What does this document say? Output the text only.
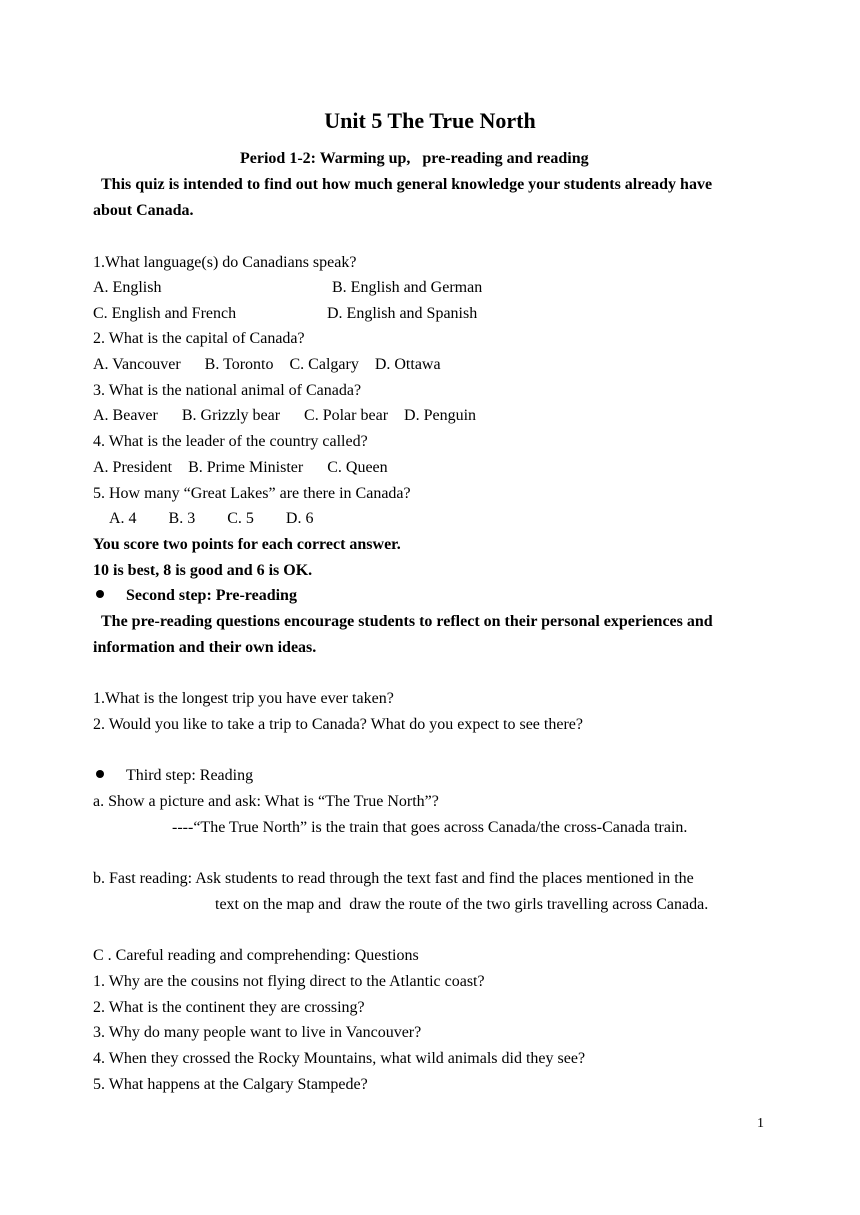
Unit 5 The True North
Period 1-2: Warming up,   pre-reading and reading
This quiz is intended to find out how much general knowledge your students already have
about Canada.
1.What language(s) do Canadians speak?
A. English	B. English and German
C. English and French	D. English and Spanish
2. What is the capital of Canada?
A. Vancouver      B. Toronto    C. Calgary    D. Ottawa
3. What is the national animal of Canada?
A. Beaver      B. Grizzly bear      C. Polar bear    D. Penguin
4. What is the leader of the country called?
A. President    B. Prime Minister      C. Queen
5. How many “Great Lakes” are there in Canada?
A. 4        B. 3        C. 5        D. 6
You score two points for each correct answer.
10 is best, 8 is good and 6 is OK.
Second step: Pre-reading
The pre-reading questions encourage students to reflect on their personal experiences and
information and their own ideas.
1.What is the longest trip you have ever taken?
2. Would you like to take a trip to Canada? What do you expect to see there?
Third step: Reading
a. Show a picture and ask: What is “The True North”?
----“The True North” is the train that goes across Canada/the cross-Canada train.
b. Fast reading: Ask students to read through the text fast and find the places mentioned in the
text on the map and  draw the route of the two girls travelling across Canada.
C . Careful reading and comprehending: Questions
1. Why are the cousins not flying direct to the Atlantic coast?
2. What is the continent they are crossing?
3. Why do many people want to live in Vancouver?
4. When they crossed the Rocky Mountains, what wild animals did they see?
5. What happens at the Calgary Stampede?
1
